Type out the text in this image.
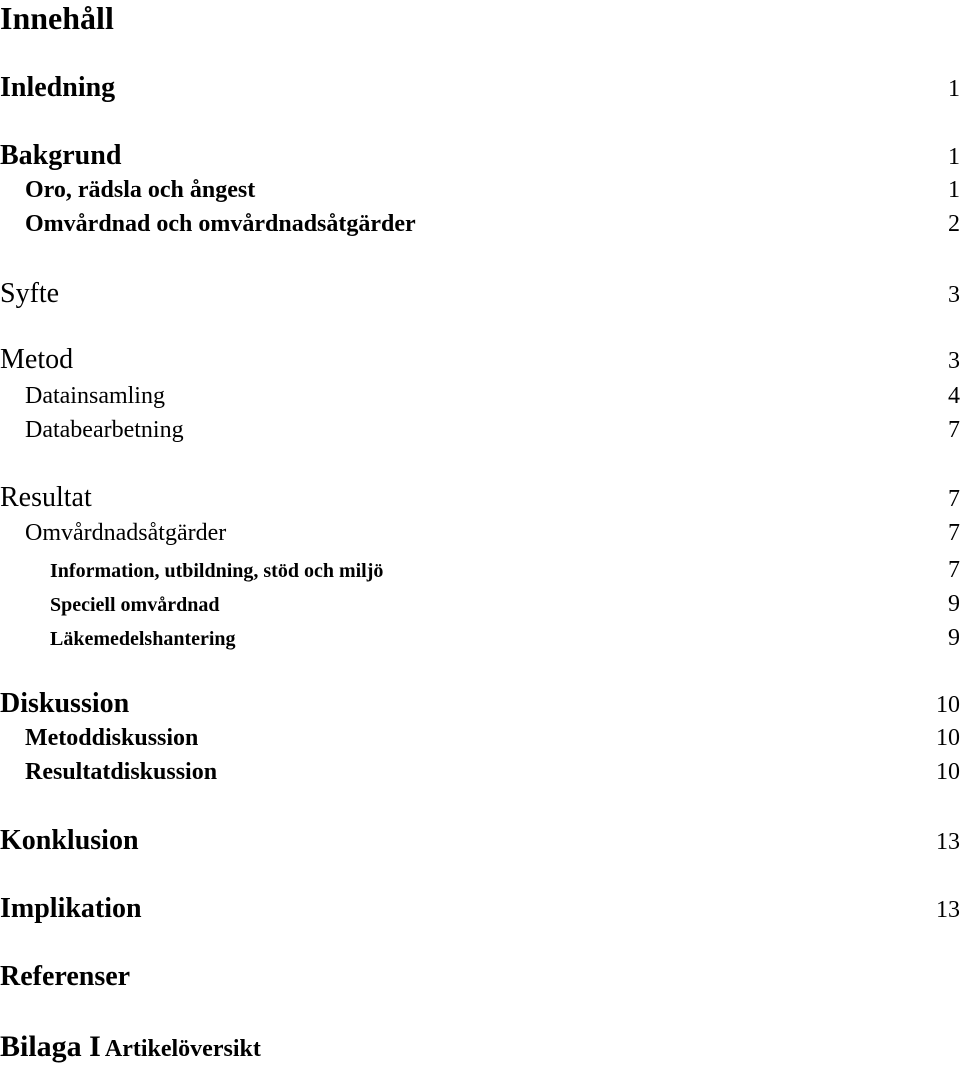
Innehåll
Inledning	1
Bakgrund	1
Oro, rädsla och ångest	1
Omvårdnad och omvårdnadsåtgärder	2
Syfte	3
Metod	3
Datainsamling	4
Databearbetning	7
Resultat	7
Omvårdnadsåtgärder	7
Information, utbildning, stöd och miljö	7
Speciell omvårdnad	9
Läkemedelshantering	9
Diskussion	10
Metoddiskussion	10
Resultatdiskussion	10
Konklusion	13
Implikation	13
Referenser
Bilaga I Artikelöversikt
